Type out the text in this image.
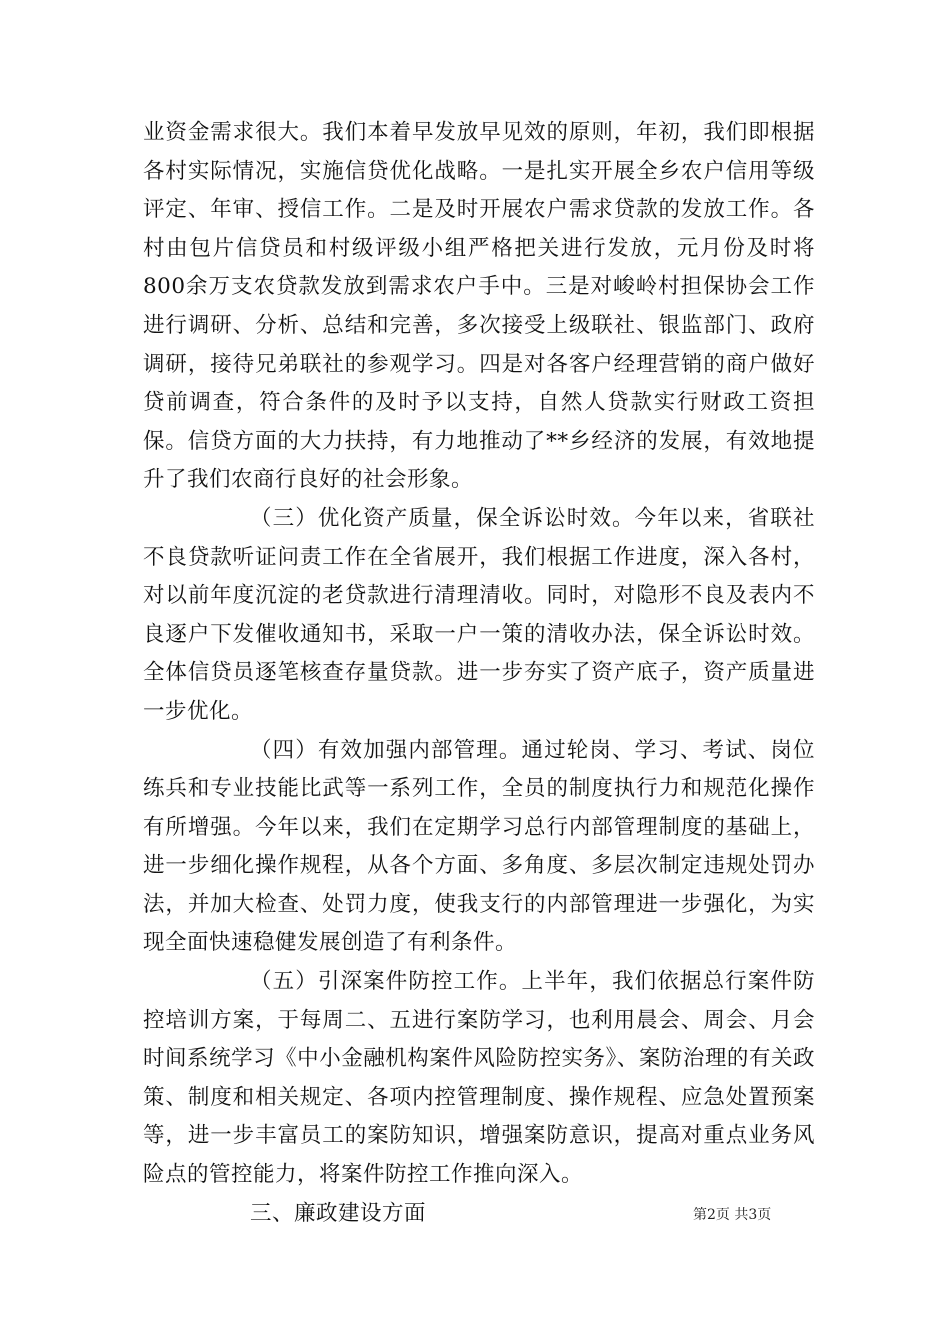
业资金需求很大。我们本着早发放早见效的原则，年初，我们即根据各村实际情况，实施信贷优化战略。一是扎实开展全乡农户信用等级评定、年审、授信工作。二是及时开展农户需求贷款的发放工作。各村由包片信贷员和村级评级小组严格把关进行发放，元月份及时将800余万支农贷款发放到需求农户手中。三是对峻岭村担保协会工作进行调研、分析、总结和完善，多次接受上级联社、银监部门、政府调研，接待兄弟联社的参观学习。四是对各客户经理营销的商户做好贷前调查，符合条件的及时予以支持，自然人贷款实行财政工资担保。信贷方面的大力扶持，有力地推动了**乡经济的发展，有效地提升了我们农商行良好的社会形象。

（三）优化资产质量，保全诉讼时效。今年以来，省联社不良贷款听证问责工作在全省展开，我们根据工作进度，深入各村，对以前年度沉淀的老贷款进行清理清收。同时，对隐形不良及表内不良逐户下发催收通知书，采取一户一策的清收办法，保全诉讼时效。全体信贷员逐笔核查存量贷款。进一步夯实了资产底子，资产质量进一步优化。

（四）有效加强内部管理。通过轮岗、学习、考试、岗位练兵和专业技能比武等一系列工作，全员的制度执行力和规范化操作有所增强。今年以来，我们在定期学习总行内部管理制度的基础上，进一步细化操作规程，从各个方面、多角度、多层次制定违规处罚办法，并加大检查、处罚力度，使我支行的内部管理进一步强化，为实现全面快速稳健发展创造了有利条件。

（五）引深案件防控工作。上半年，我们依据总行案件防控培训方案，于每周二、五进行案防学习，也利用晨会、周会、月会时间系统学习《中小金融机构案件风险防控实务》、案防治理的有关政策、制度和相关规定、各项内控管理制度、操作规程、应急处置预案等，进一步丰富员工的案防知识，增强案防意识，提高对重点业务风险点的管控能力，将案件防控工作推向深入。

三、廉政建设方面	第2页 共3页
